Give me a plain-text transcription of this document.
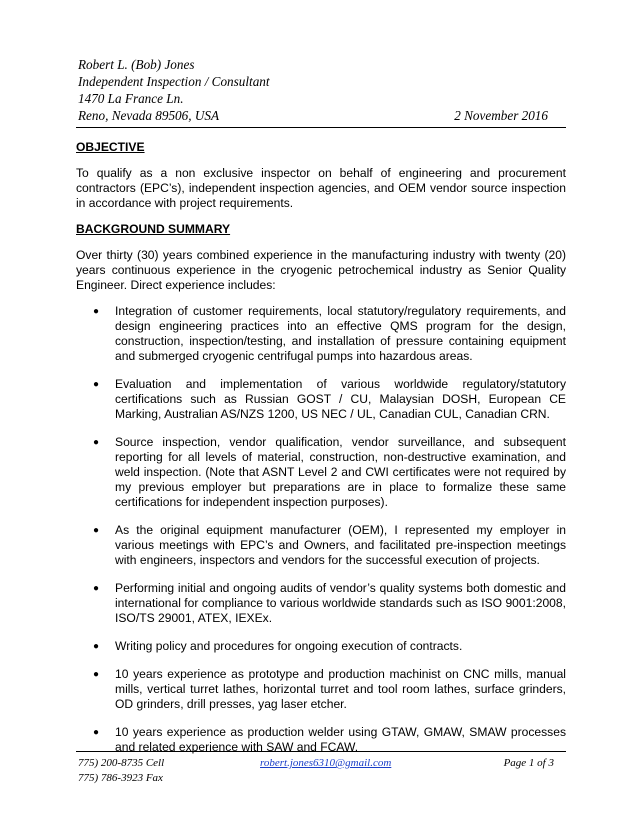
Robert L. (Bob) Jones
Independent Inspection / Consultant
1470 La France Ln.
Reno, Nevada 89506, USA	2 November 2016
OBJECTIVE

To qualify as a non exclusive inspector on behalf of engineering and procurement contractors (EPC’s), independent inspection agencies, and OEM vendor source inspection in accordance with project requirements.

BACKGROUND SUMMARY

Over thirty (30) years combined experience in the manufacturing industry with twenty (20) years continuous experience in the cryogenic petrochemical industry as Senior Quality Engineer. Direct experience includes:

● Integration of customer requirements, local statutory/regulatory requirements, and design engineering practices into an effective QMS program for the design, construction, inspection/testing, and installation of pressure containing equipment and submerged cryogenic centrifugal pumps into hazardous areas.
● Evaluation and implementation of various worldwide regulatory/statutory certifications such as Russian GOST / CU, Malaysian DOSH, European CE Marking, Australian AS/NZS 1200, US NEC / UL, Canadian CUL, Canadian CRN.
● Source inspection, vendor qualification, vendor surveillance, and subsequent reporting for all levels of material, construction, non-destructive examination, and weld inspection. (Note that ASNT Level 2 and CWI certificates were not required by my previous employer but preparations are in place to formalize these same certifications for independent inspection purposes).
● As the original equipment manufacturer (OEM), I represented my employer in various meetings with EPC’s and Owners, and facilitated pre-inspection meetings with engineers, inspectors and vendors for the successful execution of projects.
● Performing initial and ongoing audits of vendor’s quality systems both domestic and international for compliance to various worldwide standards such as ISO 9001:2008, ISO/TS 29001, ATEX, IEXEx.
● Writing policy and procedures for ongoing execution of contracts.
● 10 years experience as prototype and production machinist on CNC mills, manual mills, vertical turret lathes, horizontal turret and tool room lathes, surface grinders, OD grinders, drill presses, yag laser etcher.
● 10 years experience as production welder using GTAW, GMAW, SMAW processes and related experience with SAW and FCAW.
775) 200-8735 Cell	robert.jones6310@gmail.com	Page 1 of 3
775) 786-3923 Fax
